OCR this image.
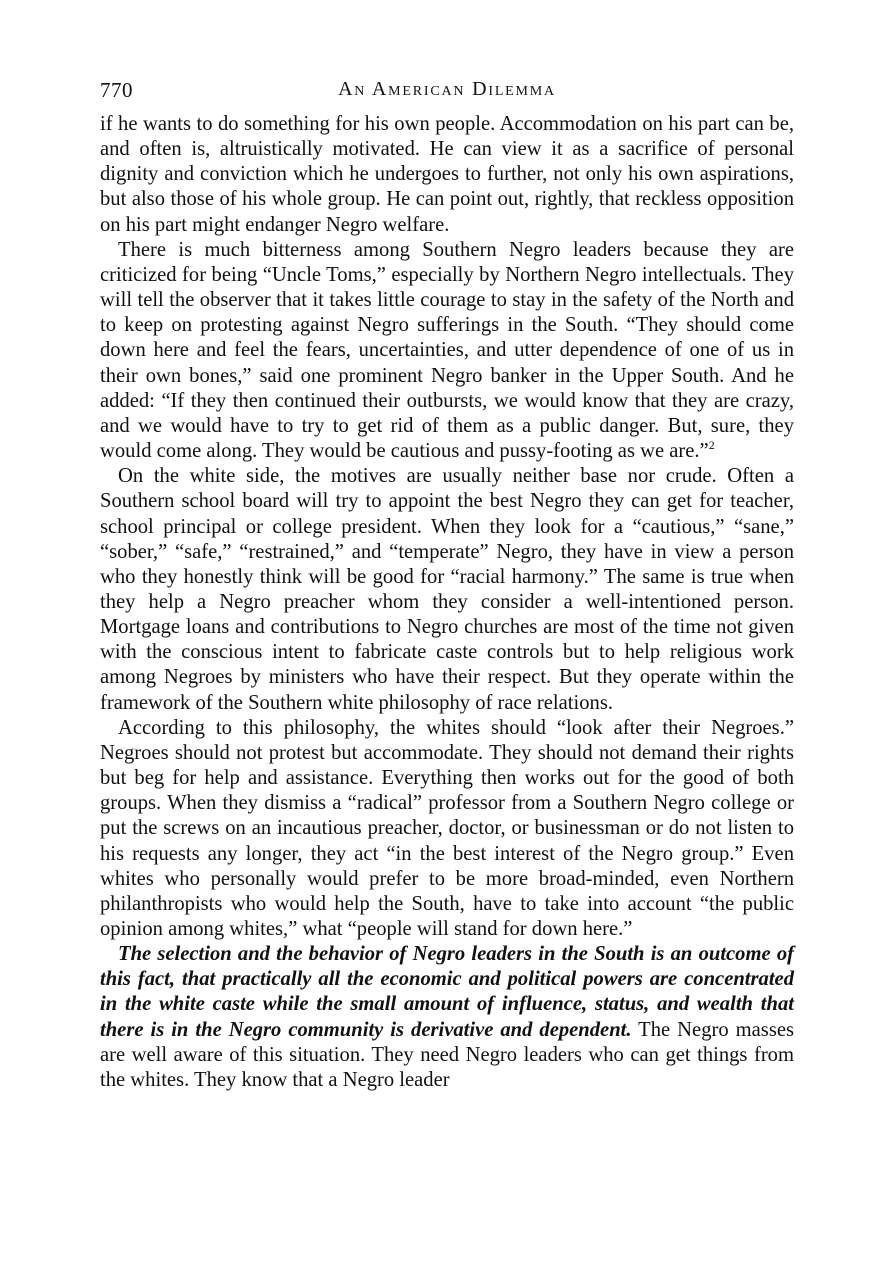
770	An American Dilemma

if he wants to do something for his own people. Accommodation on his part can be, and often is, altruistically motivated. He can view it as a sacrifice of personal dignity and conviction which he undergoes to further, not only his own aspirations, but also those of his whole group. He can point out, rightly, that reckless opposition on his part might endanger Negro welfare.

There is much bitterness among Southern Negro leaders because they are criticized for being “Uncle Toms,” especially by Northern Negro intellectuals. They will tell the observer that it takes little courage to stay in the safety of the North and to keep on protesting against Negro sufferings in the South. “They should come down here and feel the fears, uncertainties, and utter dependence of one of us in their own bones,” said one prominent Negro banker in the Upper South. And he added: “If they then continued their outbursts, we would know that they are crazy, and we would have to try to get rid of them as a public danger. But, sure, they would come along. They would be cautious and pussy-footing as we are.”$^2$

On the white side, the motives are usually neither base nor crude. Often a Southern school board will try to appoint the best Negro they can get for teacher, school principal or college president. When they look for a “cautious,” “sane,” “sober,” “safe,” “restrained,” and “temperate” Negro, they have in view a person who they honestly think will be good for “racial harmony.” The same is true when they help a Negro preacher whom they consider a well-intentioned person. Mortgage loans and contributions to Negro churches are most of the time not given with the conscious intent to fabricate caste controls but to help religious work among Negroes by ministers who have their respect. But they operate within the framework of the Southern white philosophy of race relations.

According to this philosophy, the whites should “look after their Negroes.” Negroes should not protest but accommodate. They should not demand their rights but beg for help and assistance. Everything then works out for the good of both groups. When they dismiss a “radical” professor from a Southern Negro college or put the screws on an incautious preacher, doctor, or businessman or do not listen to his requests any longer, they act “in the best interest of the Negro group.” Even whites who personally would prefer to be more broad-minded, even Northern philanthropists who would help the South, have to take into account “the public opinion among whites,” what “people will stand for down here.”

The selection and the behavior of Negro leaders in the South is an outcome of this fact, that practically all the economic and political powers are concentrated in the white caste while the small amount of influence, status, and wealth that there is in the Negro community is derivative and dependent. The Negro masses are well aware of this situation. They need Negro leaders who can get things from the whites. They know that a Negro leader
